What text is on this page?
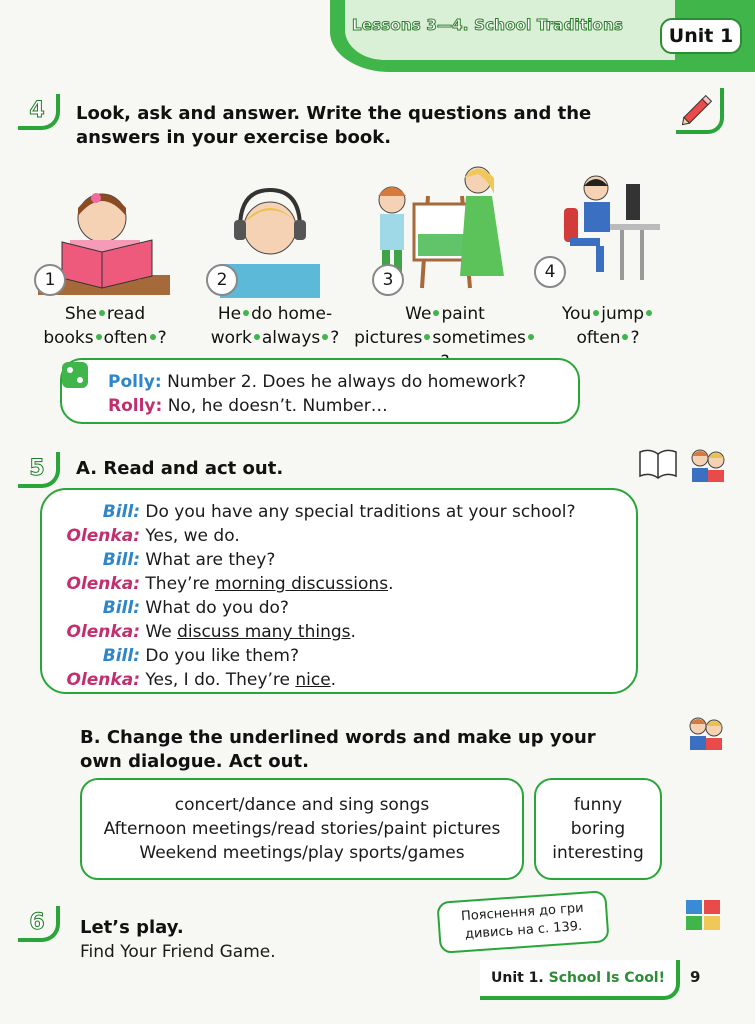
Lessons 3—4. School Traditions	Unit 1
4	Look, ask and answer. Write the questions and the
answers in your exercise book.
1	2	3	4
She read
books often ?
He do home-
work always ?
We paint
pictures sometimes
You jump
often ?
Polly: Number 2. Does he always do homework?
Rolly: No, he doesn’t. Number…
5	A. Read and act out.
Bill: Do you have any special traditions at your school?
Olenka: Yes, we do.
Bill: What are they?
Olenka: They’re morning discussions.
Bill: What do you do?
Olenka: We discuss many things.
Bill: Do you like them?
Olenka: Yes, I do. They’re nice.
B. Change the underlined words and make up your
own dialogue. Act out.
concert/dance and sing songs
Afternoon meetings/read stories/paint pictures
Weekend meetings/play sports/games
funny
boring
interesting
6	Let’s play.
Find Your Friend Game.
Пояснення до гри
дивись на с. 139.
Unit 1.
School Is Cool! 9
